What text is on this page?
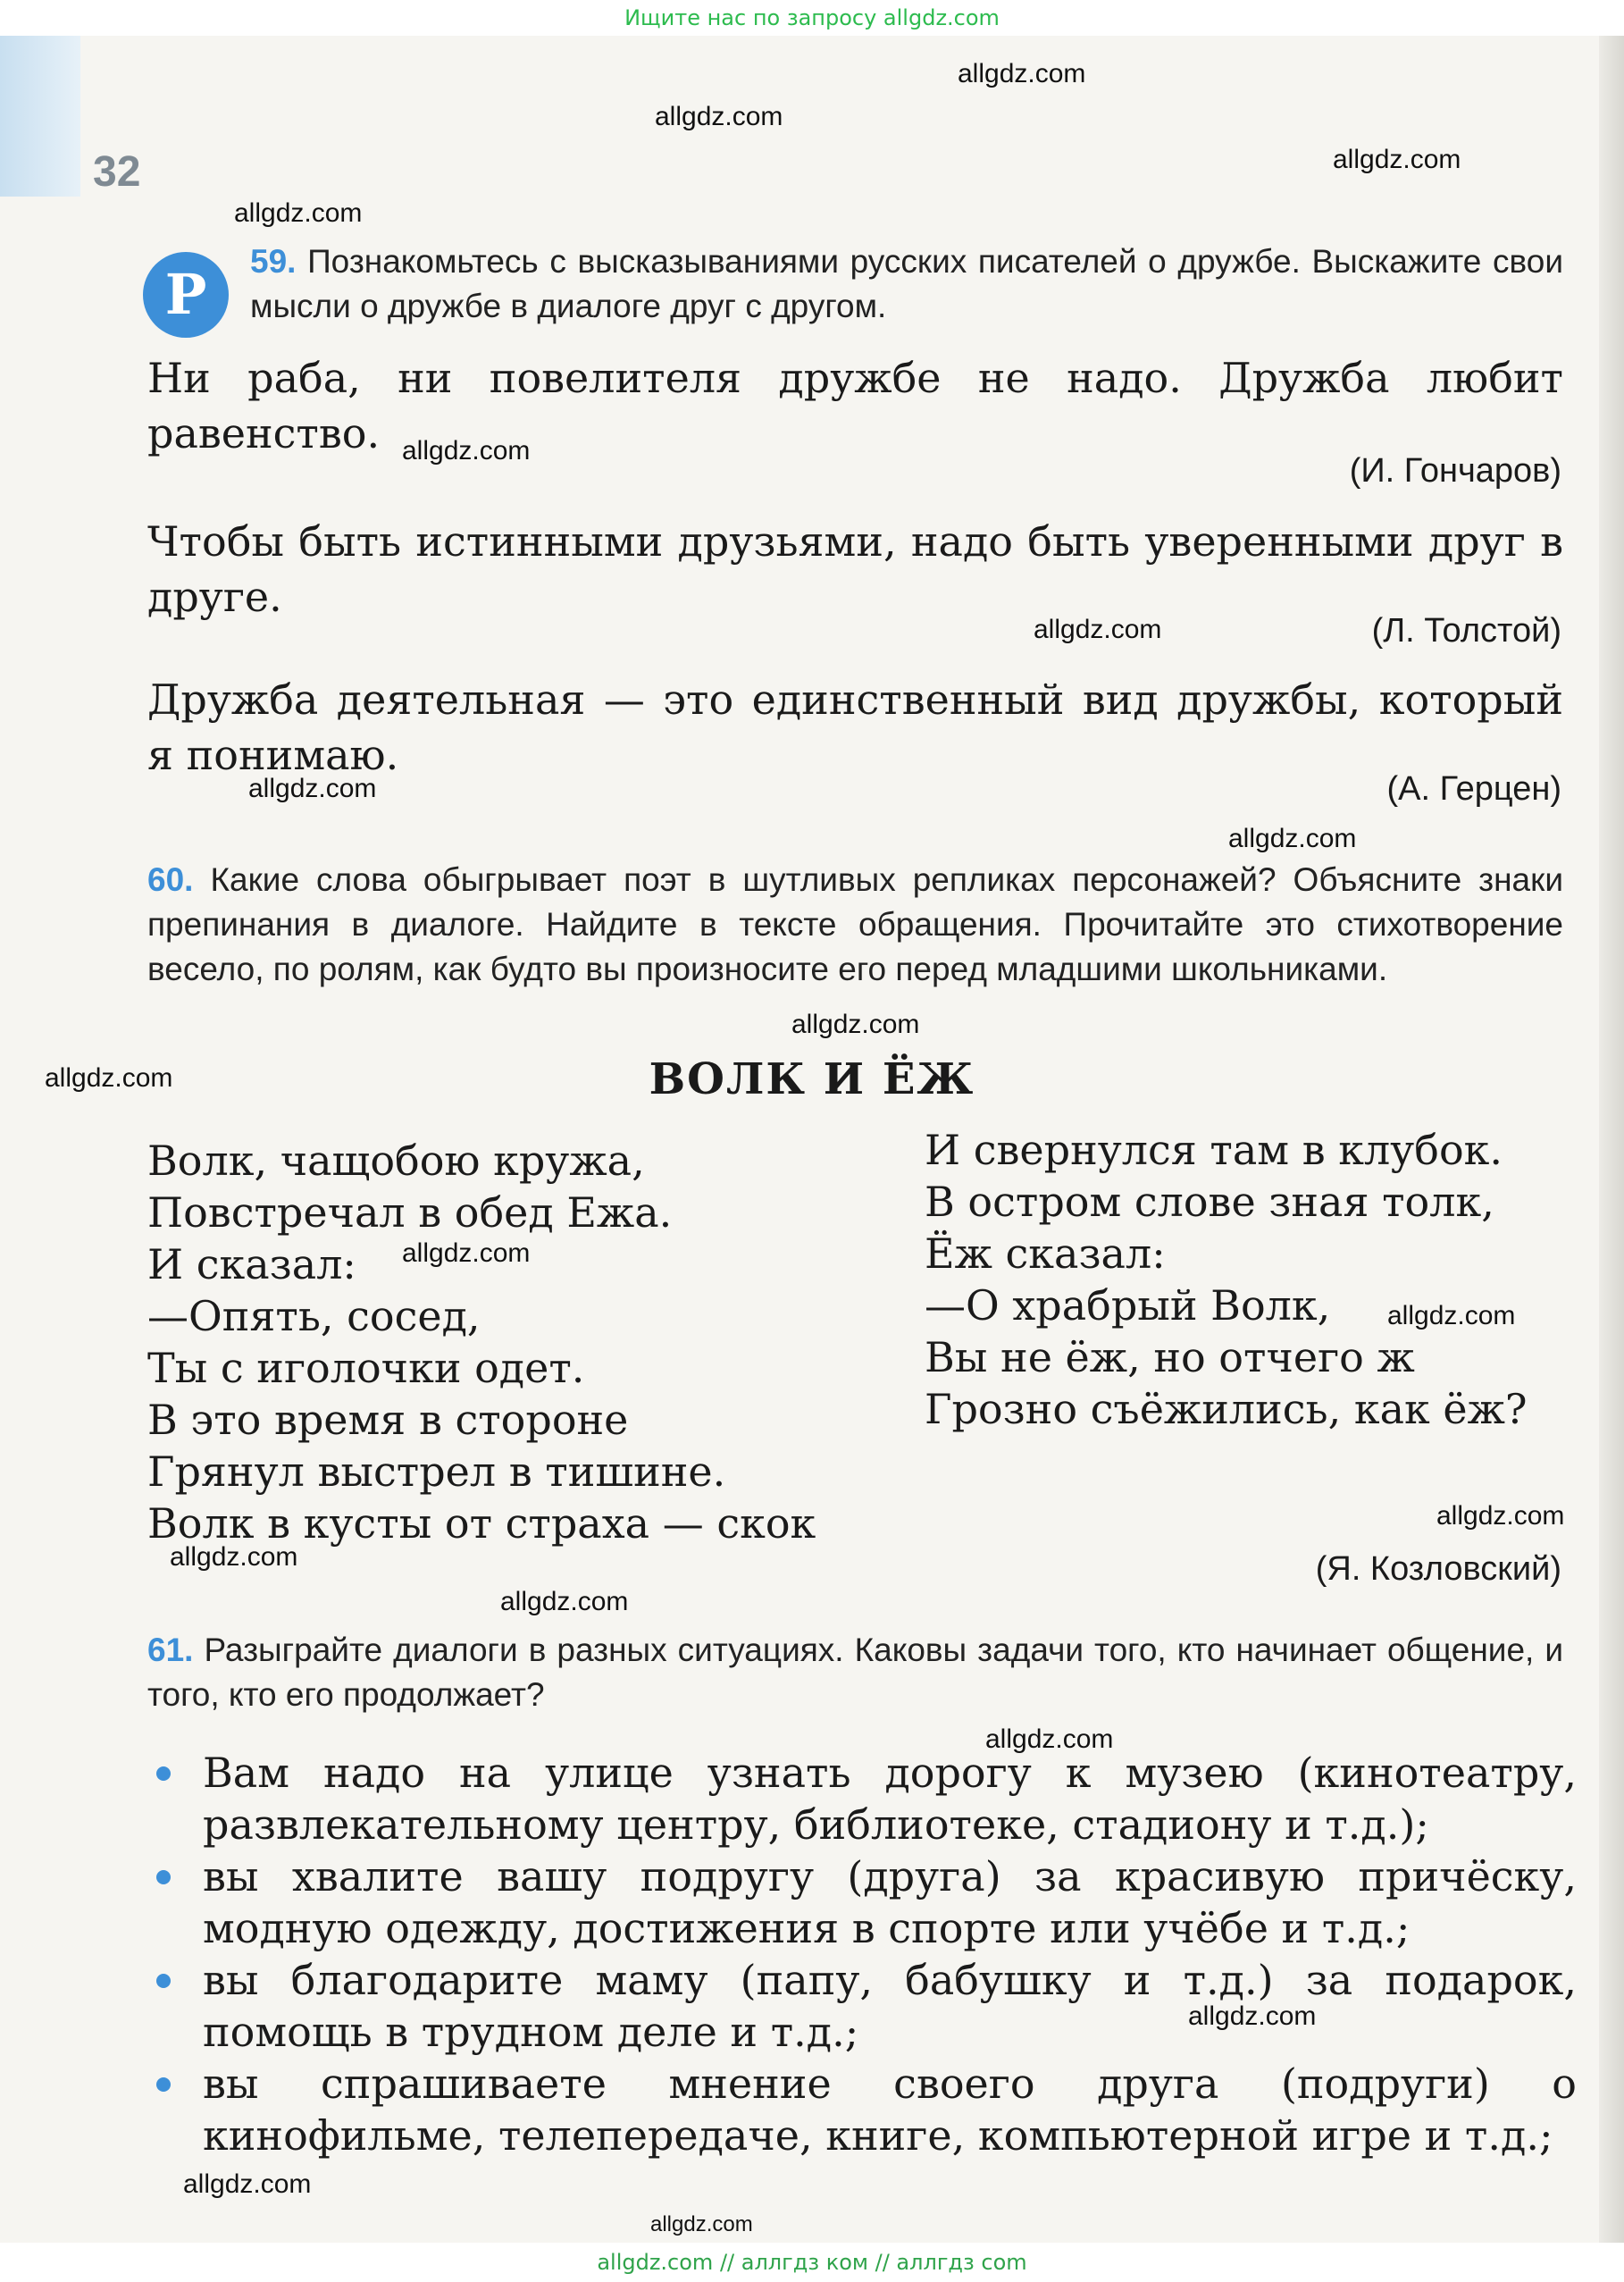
Ищите нас по запросу allgdz.com
32
Р
59. Познакомьтесь с высказываниями русских писателей о дружбе. Выскажите свои мысли о дружбе в диалоге друг с другом.
Ни раба, ни повелителя дружбе не надо. Дружба любит равенство.
(И. Гончаров)
Чтобы быть истинными друзьями, надо быть уверенными друг в друге.
(Л. Толстой)
Дружба деятельная — это единственный вид дружбы, который я понимаю.
(А. Герцен)
60. Какие слова обыгрывает поэт в шутливых репликах персонажей? Объясните знаки препинания в диалоге. Найдите в тексте обращения. Прочитайте это стихотворение весело, по ролям, как будто вы произносите его перед младшими школьниками.
ВОЛК И ЁЖ
Волк, чащобою кружа,
Повстречал в обед Ежа.
И сказал:
—Опять, сосед,
Ты с иголочки одет.
В это время в стороне
Грянул выстрел в тишине.
Волк в кусты от страха — скок
И свернулся там в клубок.
В остром слове зная толк,
Ёж сказал:
—О храбрый Волк,
Вы не ёж, но отчего ж
Грозно съёжились, как ёж?
(Я. Козловский)
61. Разыграйте диалоги в разных ситуациях. Каковы задачи того, кто начинает общение, и того, кто его продолжает?
Вам надо на улице узнать дорогу к музею (кинотеатру, развлекательному центру, библиотеке, стадиону и т.д.);
вы хвалите вашу подругу (друга) за красивую причёску, модную одежду, достижения в спорте или учёбе и т.д.;
вы благодарите маму (папу, бабушку и т.д.) за подарок, помощь в трудном деле и т.д.;
вы спрашиваете мнение своего друга (подруги) о кинофильме, телепередаче, книге, компьютерной игре и т.д.;
allgdz.com
allgdz.com
allgdz.com
allgdz.com
allgdz.com
allgdz.com
allgdz.com
allgdz.com
allgdz.com
allgdz.com
allgdz.com
allgdz.com
allgdz.com
allgdz.com
allgdz.com
allgdz.com
allgdz.com
allgdz.com
allgdz.com
allgdz.com // аллгдз ком // аллгдз com
